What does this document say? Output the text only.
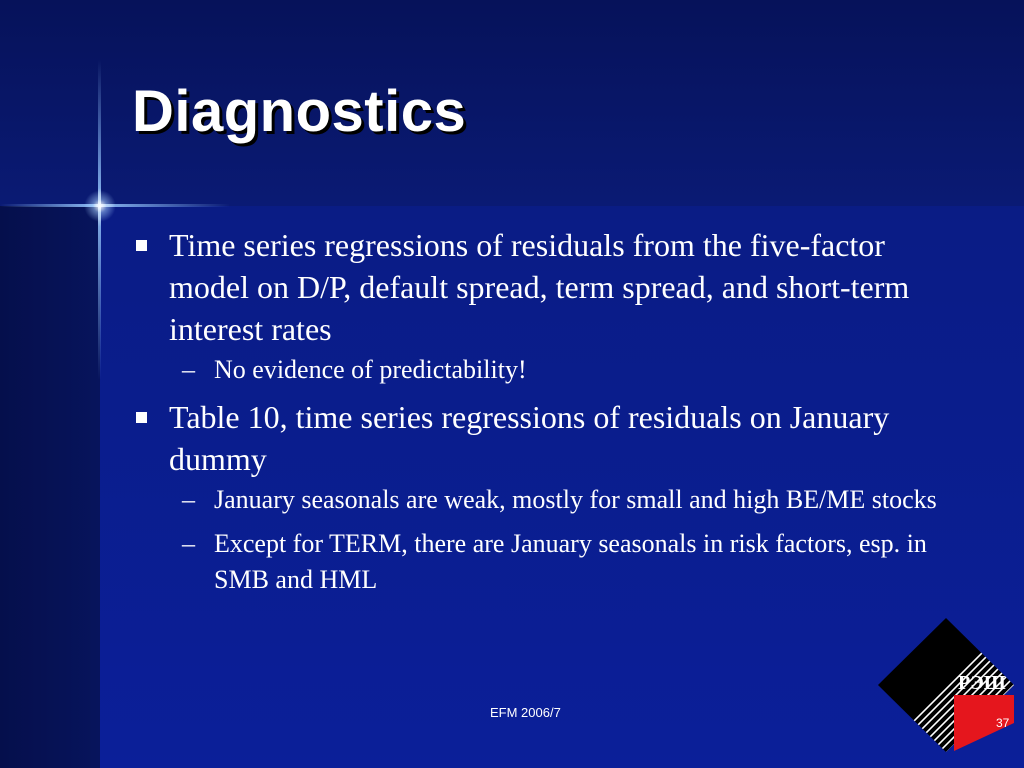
Diagnostics
Time series regressions of residuals from the five-factor model on D/P, default spread, term spread, and short-term interest rates
– No evidence of predictability!
Table 10, time series regressions of residuals on January dummy
– January seasonals are weak, mostly for small and high BE/ME stocks
– Except for TERM, there are January seasonals in risk factors, esp. in SMB and HML
РЭШ
EFM 2006/7
37
